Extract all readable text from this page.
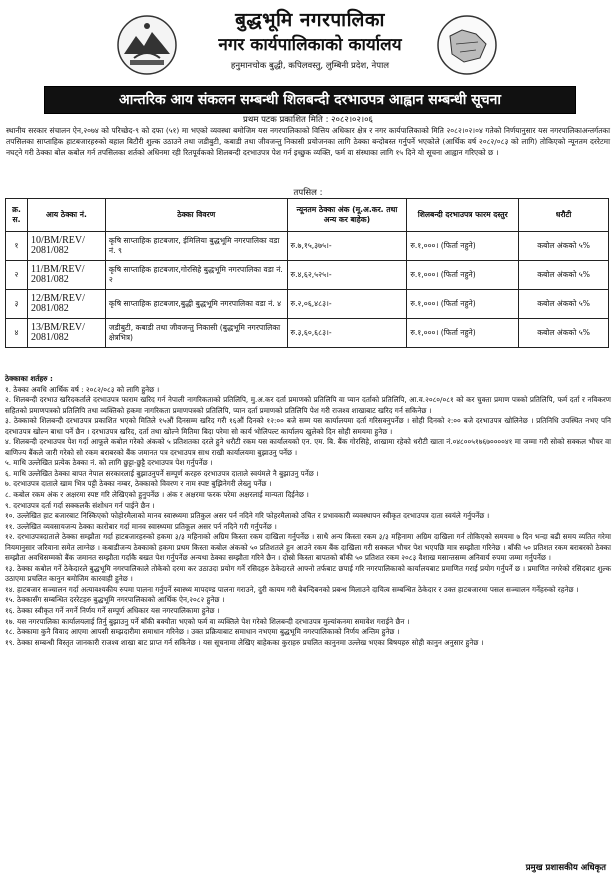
बुद्धभूमि नगरपालिका
नगर कार्यपालिकाको कार्यालय
हनुमानचोक बुद्धी, कपिलवस्तु, लुम्बिनी प्रदेश, नेपाल
आन्तरिक आय संकलन सम्बन्धी शिलबन्दी दरभाउपत्र आह्वान सम्बन्धी सूचना
प्रथम पटक प्रकाशित मिति : २०८२।०२।०६
स्थानीय सरकार संचालन ऐन,२०७४ को परिच्छेद-९ को दफा (५१) मा भएको व्यवस्था बमोजिम यस नगरपालिकाको वित्तिय अधिकार क्षेत्र र नगर कार्यपालिकाको मिति २०८२।०२।०४ गतेको निर्णयानुसार यस नगरपालिकाअन्तर्गतका तपसिलका साप्ताहिक हाटबजारहरुको बहाल बिटौरी शुल्क उठाउने तथा जडीबुटी, कबाडी तथा जीवजन्तु निकासी प्रयोजनका लागि ठेक्का बन्दोबस्त गर्नुपर्ने भएकोले (आर्थिक वर्ष २०८२/०८३ को लागि) तोकिएको न्यूनतम दररेटमा नघट्ने गरी ठेक्का बोल कबोल गर्न तपसिलका शर्तको अधिनमा रही रितपूर्वकको शिलबन्दी दरभाउपत्र पेश गर्न इच्छुक व्यक्ति, फर्म वा संस्थाका लागि १५ दिने यो सूचना आह्वान गरिएको छ ।
तपसिल :
क्र. स.	आय ठेक्का नं.	ठेक्का विवरण	न्यूनतम ठेक्का अंक (मू.अ.कर. तथा अन्य कर बाहेक)	शिलबन्दी दरभाउपत्र फारम दस्तुर	धरौटी
१	10/BM/REV/ 2081/082	कृषि साप्ताहिक हाटबजार, ईमिलिया बुद्धभूमि नगरपालिका वडा नं. ९	रु.७,१५,३७५।-	रु.१,०००। (फिर्ता नहुने)	कबोल अंकको ५%
२	11/BM/REV/ 2081/082	कृषि साप्ताहिक हाटबजार,गोरसिहे बुद्धभूमि नगरपालिका वडा नं. २	रु.४,६२,५२५।-	रु.१,०००। (फिर्ता नहुने)	कबोल अंकको ५%
३	12/BM/REV/ 2081/082	कृषि साप्ताहिक हाटबजार,बुद्धी बुद्धभूमि नगरपालिका वडा नं. ४	रु.२,०६,४८३।-	रु.१,०००। (फिर्ता नहुने)	कबोल अंकको ५%
४	13/BM/REV/ 2081/082	जडीबुटी, कबाडी तथा जीवजन्तु निकासी (बुद्धभूमि नगरपालिका क्षेत्रभित्र)	रु.३,६०,६८३।-	रु.१,०००। (फिर्ता नहुने)	कबोल अंकको ५%
ठेक्काका शर्तहरु :
१. ठेक्का अवधि आर्थिक वर्ष : २०८२/०८३ को लागि हुनेछ ।
२. शिलबन्दी दरभाउ खरिदकर्ताले दरभाउपत्र फाराम खरिद गर्न नेपाली नागरिकताको प्रतिलिपि, मु.अ.कर दर्ता प्रमाणको प्रतिलिपि वा प्यान दर्ताको प्रतिलिपि, आ.व.२०८०/०८१ को कर चुक्ता प्रमाण पत्रको प्रतिलिपि, फर्म दर्ता र नविकरण सहितको प्रमाणपत्रको प्रतिलिपि तथा व्यक्तिको हकमा नागरिकता प्रमाणपत्रको प्रतिलिपि, प्यान दर्ता प्रमाणको प्रतिलिपि पेश गरी राजश्व शाखाबाट खरिद गर्न सकिनेछ ।
३. ठेक्काको शिलबन्दी दरभाउपत्र प्रकाशित भएको मितिले १५औं दिनसम्म खरिद गरी १६औं दिनको १२:०० बजे सम्म यस कार्यालयमा दर्ता गरिसक्नुपर्नेछ । सोही दिनको २:०० बजे दरभाउपत्र खोलिनेछ । प्रतिनिधि उपस्थित नभए पनि दरभाउपत्र खोल्न बाधा पर्ने छैन । दरभाउपत्र खरिद, दर्ता तथा खोल्ने मितिमा बिदा परेमा सो कार्य भोलिपल्ट कार्यालय खुलेको दिन सोही समयमा हुनेछ ।
४. शिलबन्दी दरभाउपत्र पेश गर्दा आफूले कबोल गरेको अंकको ५ प्रतिशतका दरले हुने धरौटी रकम यस कार्यालयको एन. एम. बि. बैंक गोरसिहे, शाखामा रहेको धरौटी खाता नं.०४८००५१७६७००००४१ मा जम्मा गरी सोको सक्कल भौचर वा बाणिज्य बैंकले जारी गरेको सो रकम बराबरको बैंक जमानत पत्र दरभाउपत्र साथ राखी कार्यालयमा बुझाउनु पर्नेछ ।
५. माथि उल्लेखित प्रत्येक ठेक्का नं. को लागि छुट्टा-छुट्टै दरभाउपत्र पेश गर्नुपर्नेछ ।
६. माथि उल्लेखित ठेक्का बापत नेपाल सरकारलाई बुझाउनुपर्ने सम्पूर्ण करहरु दरभाउपत्र दाताले स्वयंमले नै बुझाउनु पर्नेछ ।
७. दरभाउपत्र दाताले खाम भित्र पट्टी ठेक्का नम्बर, ठेक्काको विवरण र नाम स्पष्ट बुझिनेगरी लेख्नु पर्नेछ ।
८. कबोल रकम अंक र अक्षरमा स्पष्ट गरि लेखिएको हुनुपर्नेछ । अंक र अक्षरमा फरक परेमा अक्षरलाई मान्यता दिईनेछ ।
९. दरभाउपत्र दर्ता गर्दा सक्कलकै संशोधन गर्न पाईने छैन ।
१०. उल्लेखित हाट बजारबाट निस्किएको फोहोरमैलाको मानव स्वास्थ्यमा प्रतिकुल असर पर्न नदिने गरि फोहरमैलाको उचित र प्रभावकारी व्यवस्थापन स्वीकृत दरभाउपत्र दाता स्वयंले गर्नुपर्नेछ ।
११. उल्लेखित व्यवसायजन्य ठेक्का कारोबार गर्दा मानव स्वास्थ्यमा प्रतिकूल असर पर्न नदिने गरी गर्नुपर्नेछ ।
१२. दरभाउपत्रदाताले ठेक्का सम्झौता गर्दा हाटबजारहरुको हकमा ३/३ महिनाको अग्रिम किस्ता रकम दाखिला गर्नुपर्नेछ । साथै अन्य किस्ता रकम ३/३ महिनामा अग्रिम दाखिला गर्न तोकिएको समयमा ७ दिन भन्दा बढी समय व्यतित गरेमा नियमानुसार जरिवाना समेत लाग्नेछ । कबाडीजन्य ठेक्काको हकमा प्रथम किस्ता कबोल अंकको ५० प्रतिशतले हुन आउने रकम बैंक दाखिला गरी सक्कल भौचर पेश भएपछि मात्र सम्झौता गरिनेछ । बाँकी ५० प्रतिशत रकम बराबरको ठेक्का सम्झौता अवधिसम्मको बैंक जमानत सम्झौता गर्दाकै बखत पेश गर्नुपर्नेछ अन्यथा ठेक्का सम्झौता गरिने छैन । दोस्रो किस्ता बापतको बाँकी ५० प्रतिशत रकम २०८३ वैशाख मसान्तसम्म अनिवार्य रुपमा जम्मा गर्नुपर्नेछ ।
१३. ठेक्का कबोल गर्ने ठेकेदारले बुद्धभूमि नगरपालिकाले तोकेको दरमा कर उठाउदा प्रयोग गर्ने रसिदहरु ठेकेदारले आफ्नो तर्फबाट छपाई गरि नगरपालिकाको कार्यालयबाट प्रमाणित गराई प्रयोग गर्नुपर्ने छ । प्रमाणित नगरेको रसिदबाट शुल्क उठाएमा प्रचलित कानुन बमोजिम कारवाही हुनेछ ।
१४. हाटबजार सञ्चालन गर्दा अत्यावश्यकीय रुपमा पालना गर्नुपर्ने स्वास्थ्य मापदण्ड पालना गराउने, दुरी कायम गरी बेबन्दिबनको प्रबन्ध मिलाउने दायित्व सम्बन्धित ठेकेदार र उक्त हाटबजारमा पसल सञ्चालन गर्नेहरुको रहनेछ ।
१५. ठेक्कासँग सम्बन्धित दररेटहरु बुद्धभूमि नगरपालिकाको आर्थिक ऐन,२०८२ हुनेछ ।
१६. ठेक्का स्वीकृत गर्ने नगर्ने निर्णय गर्ने सम्पूर्ण अधिकार यस नगरपालिकामा हुनेछ ।
१७. यस नगरपालिका कार्यालयलाई तिर्नु बुझाउनु पर्ने बाँकी बक्यौता भएको फर्म वा व्यक्तिले पेश गरेको शिलबन्दी दरभाउपत्र मुल्यांकनमा समावेश गराईने छैन ।
१८. ठेक्कामा कुनै विवाद आएमा आपसी सम्झदारीमा समाधान गरिनेछ । उक्त प्रक्रियाबाट समाधान नभएमा बुद्धभूमि नगरपालिकाको निर्णय अन्तिम हुनेछ ।
१९. ठेक्का सम्बन्धी विस्तृत जानकारी राजश्व शाखा बाट प्राप्त गर्न सकिनेछ । यस सूचनामा लेखिए बाहेकका कुराहरु प्रचलित कानुनमा उल्लेख भएका बिषयहरु सोही कानुन अनुसार हुनेछ ।
प्रमुख प्रशासकीय अधिकृत
